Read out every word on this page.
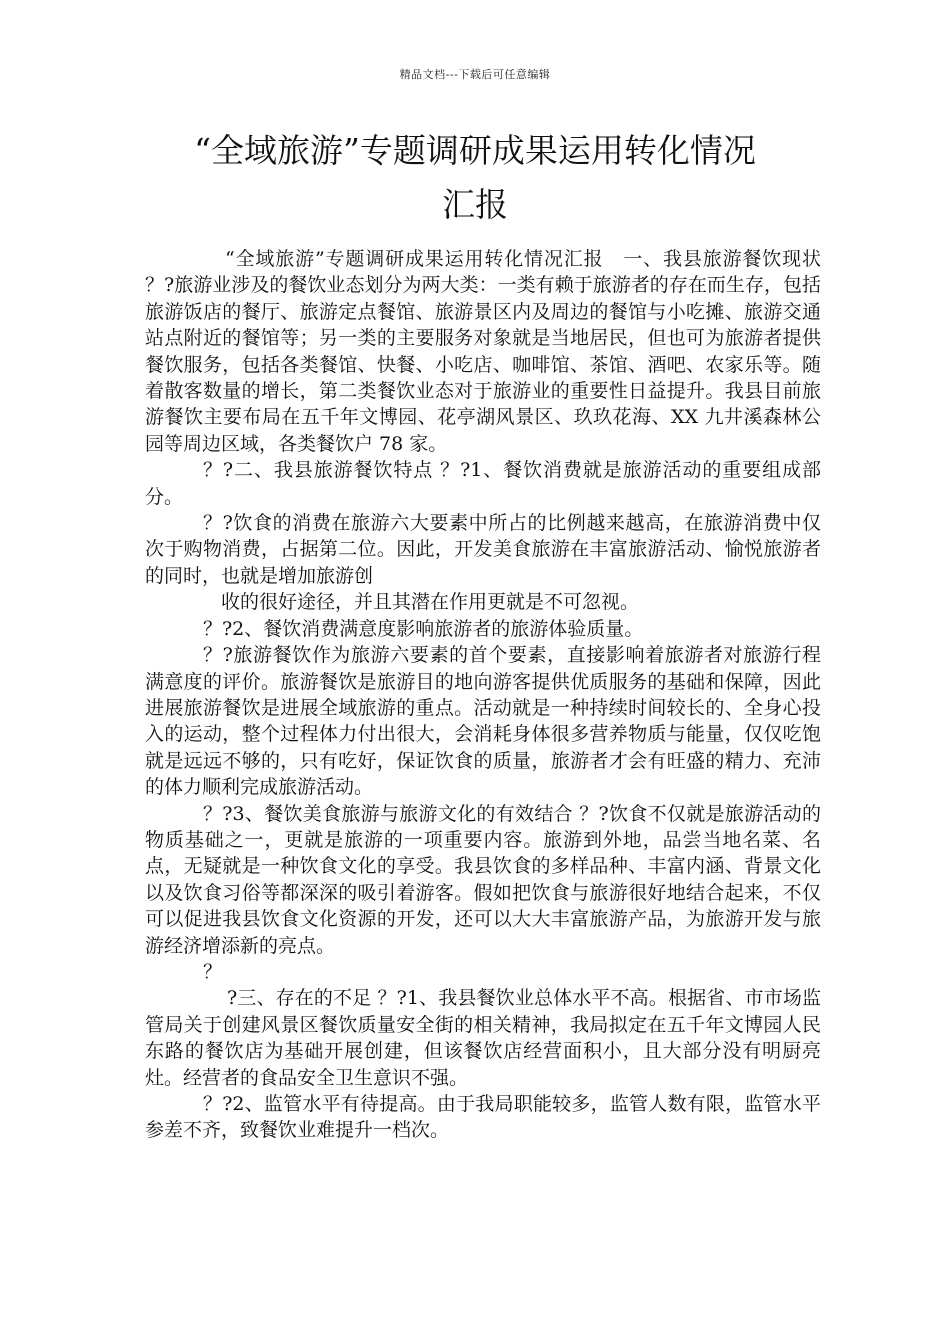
精品文档---下载后可任意编辑
“全域旅游”专题调研成果运用转化情况
汇报

“全域旅游”专题调研成果运用转化情况汇报　一、我县旅游餐饮现状 ？?旅游业涉及的餐饮业态划分为两大类：一类有赖于旅游者的存在而生存，包括旅游饭店的餐厅、旅游定点餐馆、旅游景区内及周边的餐馆与小吃摊、旅游交通站点附近的餐馆等；另一类的主要服务对象就是当地居民，但也可为旅游者提供餐饮服务，包括各类餐馆、快餐、小吃店、咖啡馆、茶馆、酒吧、农家乐等。随着散客数量的增长，第二类餐饮业态对于旅游业的重要性日益提升。我县目前旅游餐饮主要布局在五千年文博园、花亭湖风景区、玖玖花海、XX 九井溪森林公园等周边区域，各类餐饮户 78 家。

？?二、我县旅游餐饮特点 ？?1、餐饮消费就是旅游活动的重要组成部分。

？?饮食的消费在旅游六大要素中所占的比例越来越高，在旅游消费中仅次于购物消费，占据第二位。因此，开发美食旅游在丰富旅游活动、愉悦旅游者的同时，也就是增加旅游创

收的很好途径，并且其潜在作用更就是不可忽视。

？?2、餐饮消费满意度影响旅游者的旅游体验质量。

？?旅游餐饮作为旅游六要素的首个要素，直接影响着旅游者对旅游行程满意度的评价。旅游餐饮是旅游目的地向游客提供优质服务的基础和保障，因此进展旅游餐饮是进展全域旅游的重点。活动就是一种持续时间较长的、全身心投入的运动，整个过程体力付出很大，会消耗身体很多营养物质与能量，仅仅吃饱就是远远不够的，只有吃好，保证饮食的质量，旅游者才会有旺盛的精力、充沛的体力顺利完成旅游活动。

？?3、餐饮美食旅游与旅游文化的有效结合 ？?饮食不仅就是旅游活动的物质基础之一，更就是旅游的一项重要内容。旅游到外地，品尝当地名菜、名点，无疑就是一种饮食文化的享受。我县饮食的多样品种、丰富内涵、背景文化以及饮食习俗等都深深的吸引着游客。假如把饮食与旅游很好地结合起来，不仅可以促进我县饮食文化资源的开发，还可以大大丰富旅游产品，为旅游开发与旅游经济增添新的亮点。

？

?三、存在的不足 ？?1、我县餐饮业总体水平不高。根据省、市市场监管局关于创建风景区餐饮质量安全街的相关精神，我局拟定在五千年文博园人民东路的餐饮店为基础开展创建，但该餐饮店经营面积小，且大部分没有明厨亮灶。经营者的食品安全卫生意识不强。

？?2、监管水平有待提高。由于我局职能较多，监管人数有限，监管水平参差不齐，致餐饮业难提升一档次。
